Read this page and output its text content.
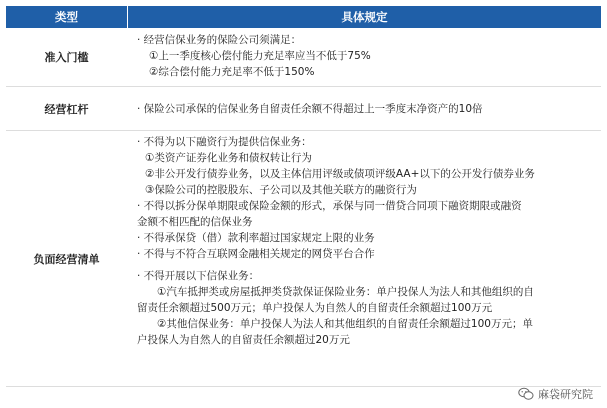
类型	具体规定
准入门槛
· 经营信保业务的保险公司须满足：
①上一季度核心偿付能力充足率应当不低于75%
②综合偿付能力充足率不低于150%
经营杠杆	· 保险公司承保的信保业务自留责任余额不得超过上一季度末净资产的10倍
负面经营清单
· 不得为以下融资行为提供信保业务：
①类资产证券化业务和债权转让行为
②非公开发行债券业务，以及主体信用评级或债项评级AA+以下的公开发行债券业务
③保险公司的控股股东、子公司以及其他关联方的融资行为
· 不得以拆分保单期限或保险金额的形式，承保与同一借贷合同项下融资期限或融资
金额不相匹配的信保业务
· 不得承保贷（借）款利率超过国家规定上限的业务
· 不得与不符合互联网金融相关规定的网贷平台合作
· 不得开展以下信保业务：
①汽车抵押类或房屋抵押类贷款保证保险业务：单户投保人为法人和其他组织的自
留责任余额超过500万元；单户投保人为自然人的自留责任余额超过100万元
②其他信保业务：单户投保人为法人和其他组织的自留责任余额超过100万元；单
户投保人为自然人的自留责任余额超过20万元
麻袋研究院
